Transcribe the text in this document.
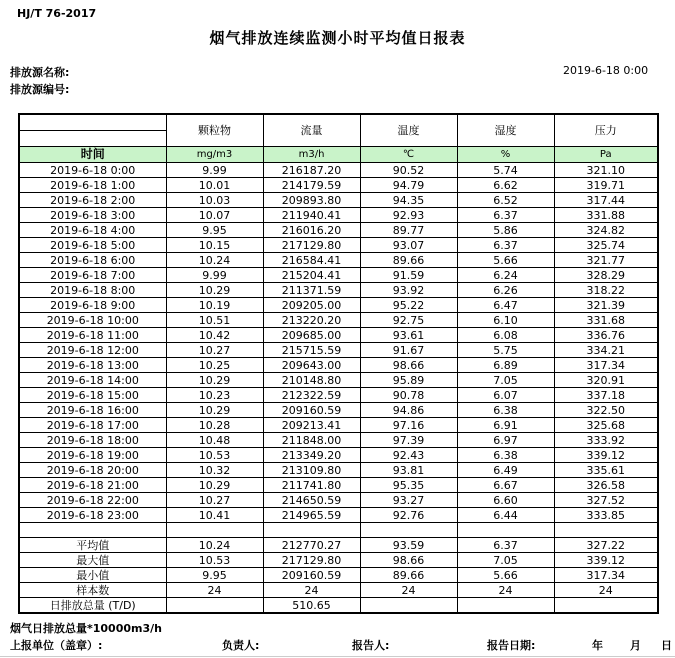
HJ/T 76-2017
烟气排放连续监测小时平均值日报表
排放源名称:	2019-6-18 0:00
排放源编号:
	颗粒物	流量	温度	湿度	压力

时间	mg/m3	m3/h	℃	%	Pa
2019-6-18 0:00	9.99	216187.20	90.52	5.74	321.10
2019-6-18 1:00	10.01	214179.59	94.79	6.62	319.71
2019-6-18 2:00	10.03	209893.80	94.35	6.52	317.44
2019-6-18 3:00	10.07	211940.41	92.93	6.37	331.88
2019-6-18 4:00	9.95	216016.20	89.77	5.86	324.82
2019-6-18 5:00	10.15	217129.80	93.07	6.37	325.74
2019-6-18 6:00	10.24	216584.41	89.66	5.66	321.77
2019-6-18 7:00	9.99	215204.41	91.59	6.24	328.29
2019-6-18 8:00	10.29	211371.59	93.92	6.26	318.22
2019-6-18 9:00	10.19	209205.00	95.22	6.47	321.39
2019-6-18 10:00	10.51	213220.20	92.75	6.10	331.68
2019-6-18 11:00	10.42	209685.00	93.61	6.08	336.76
2019-6-18 12:00	10.27	215715.59	91.67	5.75	334.21
2019-6-18 13:00	10.25	209643.00	98.66	6.89	317.34
2019-6-18 14:00	10.29	210148.80	95.89	7.05	320.91
2019-6-18 15:00	10.23	212322.59	90.78	6.07	337.18
2019-6-18 16:00	10.29	209160.59	94.86	6.38	322.50
2019-6-18 17:00	10.28	209213.41	97.16	6.91	325.68
2019-6-18 18:00	10.48	211848.00	97.39	6.97	333.92
2019-6-18 19:00	10.53	213349.20	92.43	6.38	339.12
2019-6-18 20:00	10.32	213109.80	93.81	6.49	335.61
2019-6-18 21:00	10.29	211741.80	95.35	6.67	326.58
2019-6-18 22:00	10.27	214650.59	93.27	6.60	327.52
2019-6-18 23:00	10.41	214965.59	92.76	6.44	333.85

平均值	10.24	212770.27	93.59	6.37	327.22
最大值	10.53	217129.80	98.66	7.05	339.12
最小值	9.95	209160.59	89.66	5.66	317.34
样本数	24	24	24	24	24
日排放总量 (T/D)		510.65			
烟气日排放总量*10000m3/h
上报单位（盖章）:	负责人:	报告人:	报告日期:	年 月 日
